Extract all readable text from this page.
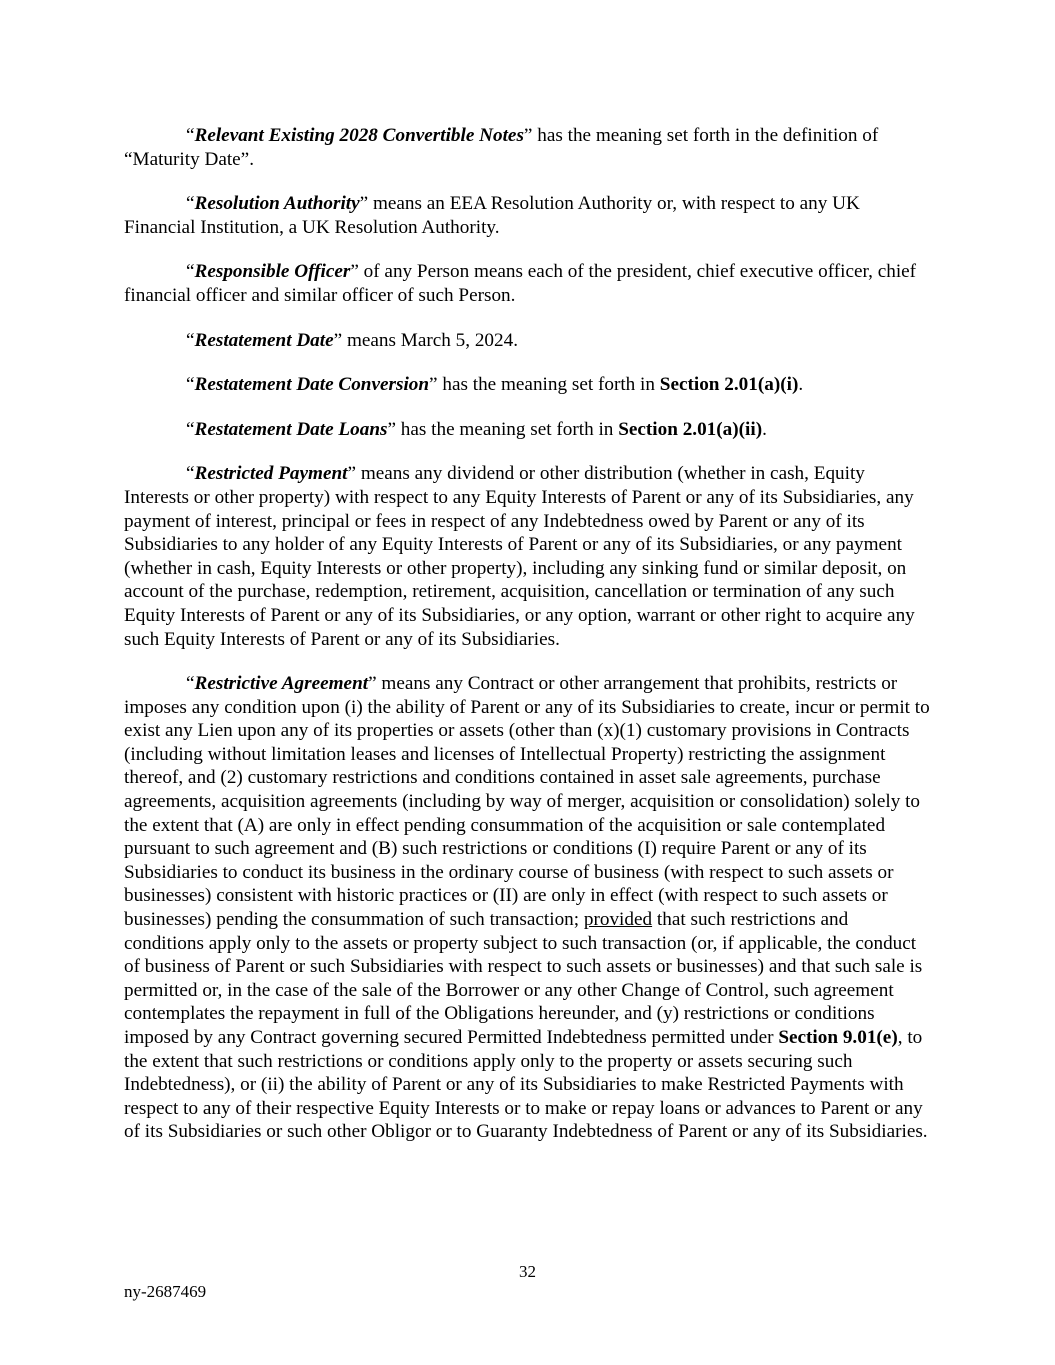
“Relevant Existing 2028 Convertible Notes” has the meaning set forth in the definition of “Maturity Date”.

“Resolution Authority” means an EEA Resolution Authority or, with respect to any UK Financial Institution, a UK Resolution Authority.

“Responsible Officer” of any Person means each of the president, chief executive officer, chief financial officer and similar officer of such Person.

“Restatement Date” means March 5, 2024.

“Restatement Date Conversion” has the meaning set forth in Section 2.01(a)(i).

“Restatement Date Loans” has the meaning set forth in Section 2.01(a)(ii).

“Restricted Payment” means any dividend or other distribution (whether in cash, Equity Interests or other property) with respect to any Equity Interests of Parent or any of its Subsidiaries, any payment of interest, principal or fees in respect of any Indebtedness owed by Parent or any of its Subsidiaries to any holder of any Equity Interests of Parent or any of its Subsidiaries, or any payment (whether in cash, Equity Interests or other property), including any sinking fund or similar deposit, on account of the purchase, redemption, retirement, acquisition, cancellation or termination of any such Equity Interests of Parent or any of its Subsidiaries, or any option, warrant or other right to acquire any such Equity Interests of Parent or any of its Subsidiaries.

“Restrictive Agreement” means any Contract or other arrangement that prohibits, restricts or imposes any condition upon (i) the ability of Parent or any of its Subsidiaries to create, incur or permit to exist any Lien upon any of its properties or assets (other than (x)(1) customary provisions in Contracts (including without limitation leases and licenses of Intellectual Property) restricting the assignment thereof, and (2) customary restrictions and conditions contained in asset sale agreements, purchase agreements, acquisition agreements (including by way of merger, acquisition or consolidation) solely to the extent that (A) are only in effect pending consummation of the acquisition or sale contemplated pursuant to such agreement and (B) such restrictions or conditions (I) require Parent or any of its Subsidiaries to conduct its business in the ordinary course of business (with respect to such assets or businesses) consistent with historic practices or (II) are only in effect (with respect to such assets or businesses) pending the consummation of such transaction; provided that such restrictions and conditions apply only to the assets or property subject to such transaction (or, if applicable, the conduct of business of Parent or such Subsidiaries with respect to such assets or businesses) and that such sale is permitted or, in the case of the sale of the Borrower or any other Change of Control, such agreement contemplates the repayment in full of the Obligations hereunder, and (y) restrictions or conditions imposed by any Contract governing secured Permitted Indebtedness permitted under Section 9.01(e), to the extent that such restrictions or conditions apply only to the property or assets securing such Indebtedness), or (ii) the ability of Parent or any of its Subsidiaries to make Restricted Payments with respect to any of their respective Equity Interests or to make or repay loans or advances to Parent or any of its Subsidiaries or such other Obligor or to Guaranty Indebtedness of Parent or any of its Subsidiaries.

32
ny-2687469
